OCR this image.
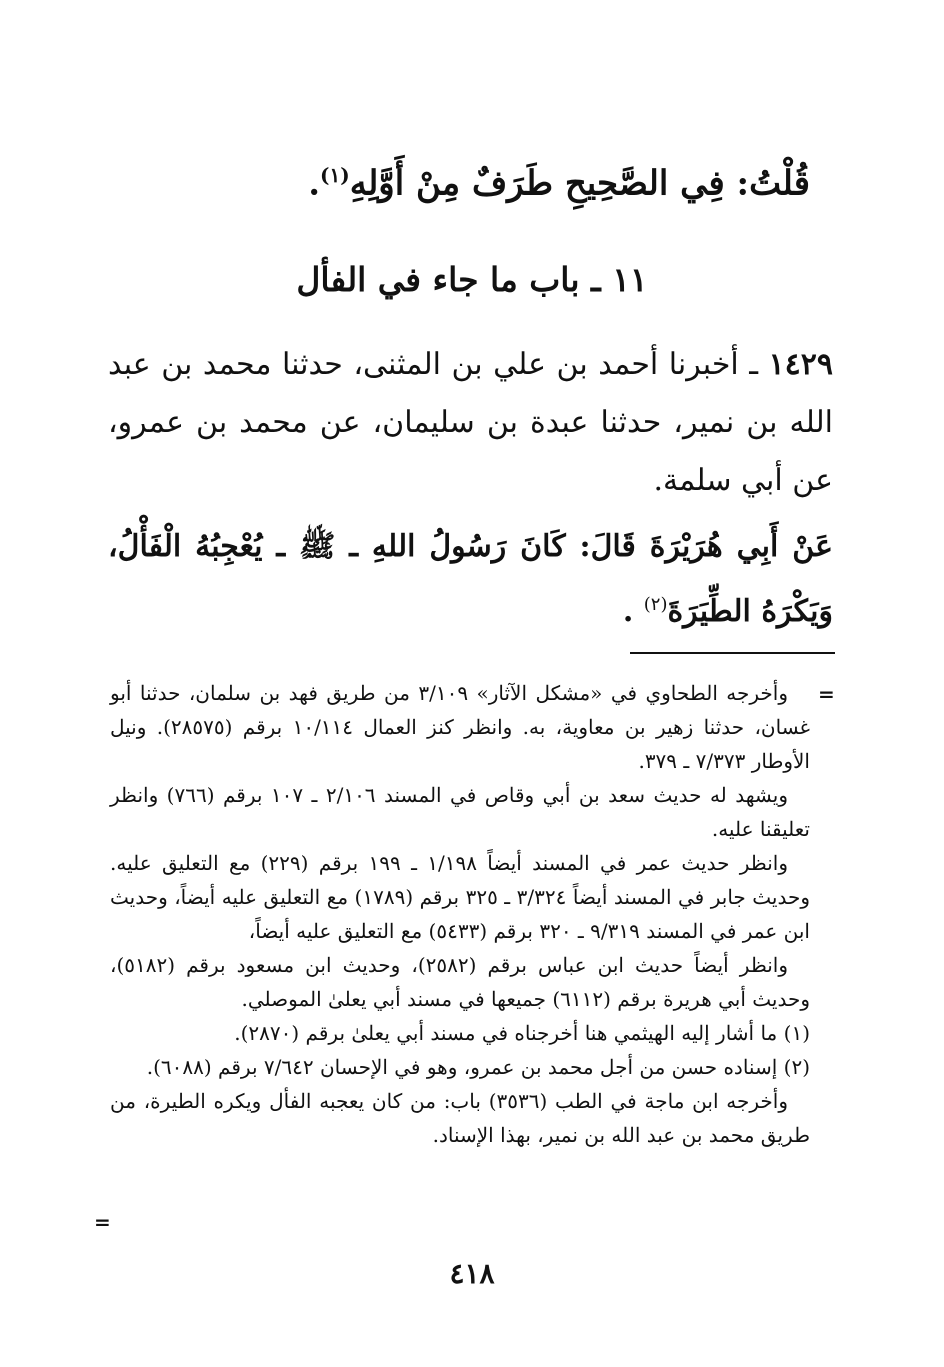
قُلْتُ: فِي الصَّحِيحِ طَرَفٌ مِنْ أَوَّلِهِ$^{(١)}$.
١١ ـ باب ما جاء في الفأل
١٤٢٩ ـ أخبرنا أحمد بن علي بن المثنى، حدثنا محمد بن عبد الله بن نمير، حدثنا عبدة بن سليمان، عن محمد بن عمرو، عن أبي سلمة.
عَنْ أَبِي هُرَيْرَةَ قَالَ: كَانَ رَسُولُ اللهِ ـ ﷺ ـ يُعْجِبُهُ الْفَأْلُ، وَيَكْرَهُ الطِّيَرَةَ$^{(٢)}$ .
=

وأخرجه الطحاوي في «مشكل الآثار» ٣/١٠٩ من طريق فهد بن سلمان، حدثنا أبو غسان، حدثنا زهير بن معاوية، به. وانظر كنز العمال ١٠/١١٤ برقم (٢٨٥٧٥). ونيل الأوطار ٧/٣٧٣ ـ ٣٧٩.

ويشهد له حديث سعد بن أبي وقاص في المسند ٢/١٠٦ ـ ١٠٧ برقم (٧٦٦) وانظر تعليقنا عليه.

وانظر حديث عمر في المسند أيضاً ١/١٩٨ ـ ١٩٩ برقم (٢٢٩) مع التعليق عليه. وحديث جابر في المسند أيضاً ٣/٣٢٤ ـ ٣٢٥ برقم (١٧٨٩) مع التعليق عليه أيضاً، وحديث ابن عمر في المسند ٩/٣١٩ ـ ٣٢٠ برقم (٥٤٣٣) مع التعليق عليه أيضاً،

وانظر أيضاً حديث ابن عباس برقم (٢٥٨٢)، وحديث ابن مسعود برقم (٥١٨٢)، وحديث أبي هريرة برقم (٦١١٢) جميعها في مسند أبي يعلىٰ الموصلي.

(١) ما أشار إليه الهيثمي هنا أخرجناه في مسند أبي يعلىٰ برقم (٢٨٧٠).

(٢) إسناده حسن من أجل محمد بن عمرو، وهو في الإحسان ٧/٦٤٢ برقم (٦٠٨٨).

وأخرجه ابن ماجة في الطب (٣٥٣٦) باب: من كان يعجبه الفأل ويكره الطيرة، من طريق محمد بن عبد الله بن نمير، بهذا الإسناد.

=
٤١٨
